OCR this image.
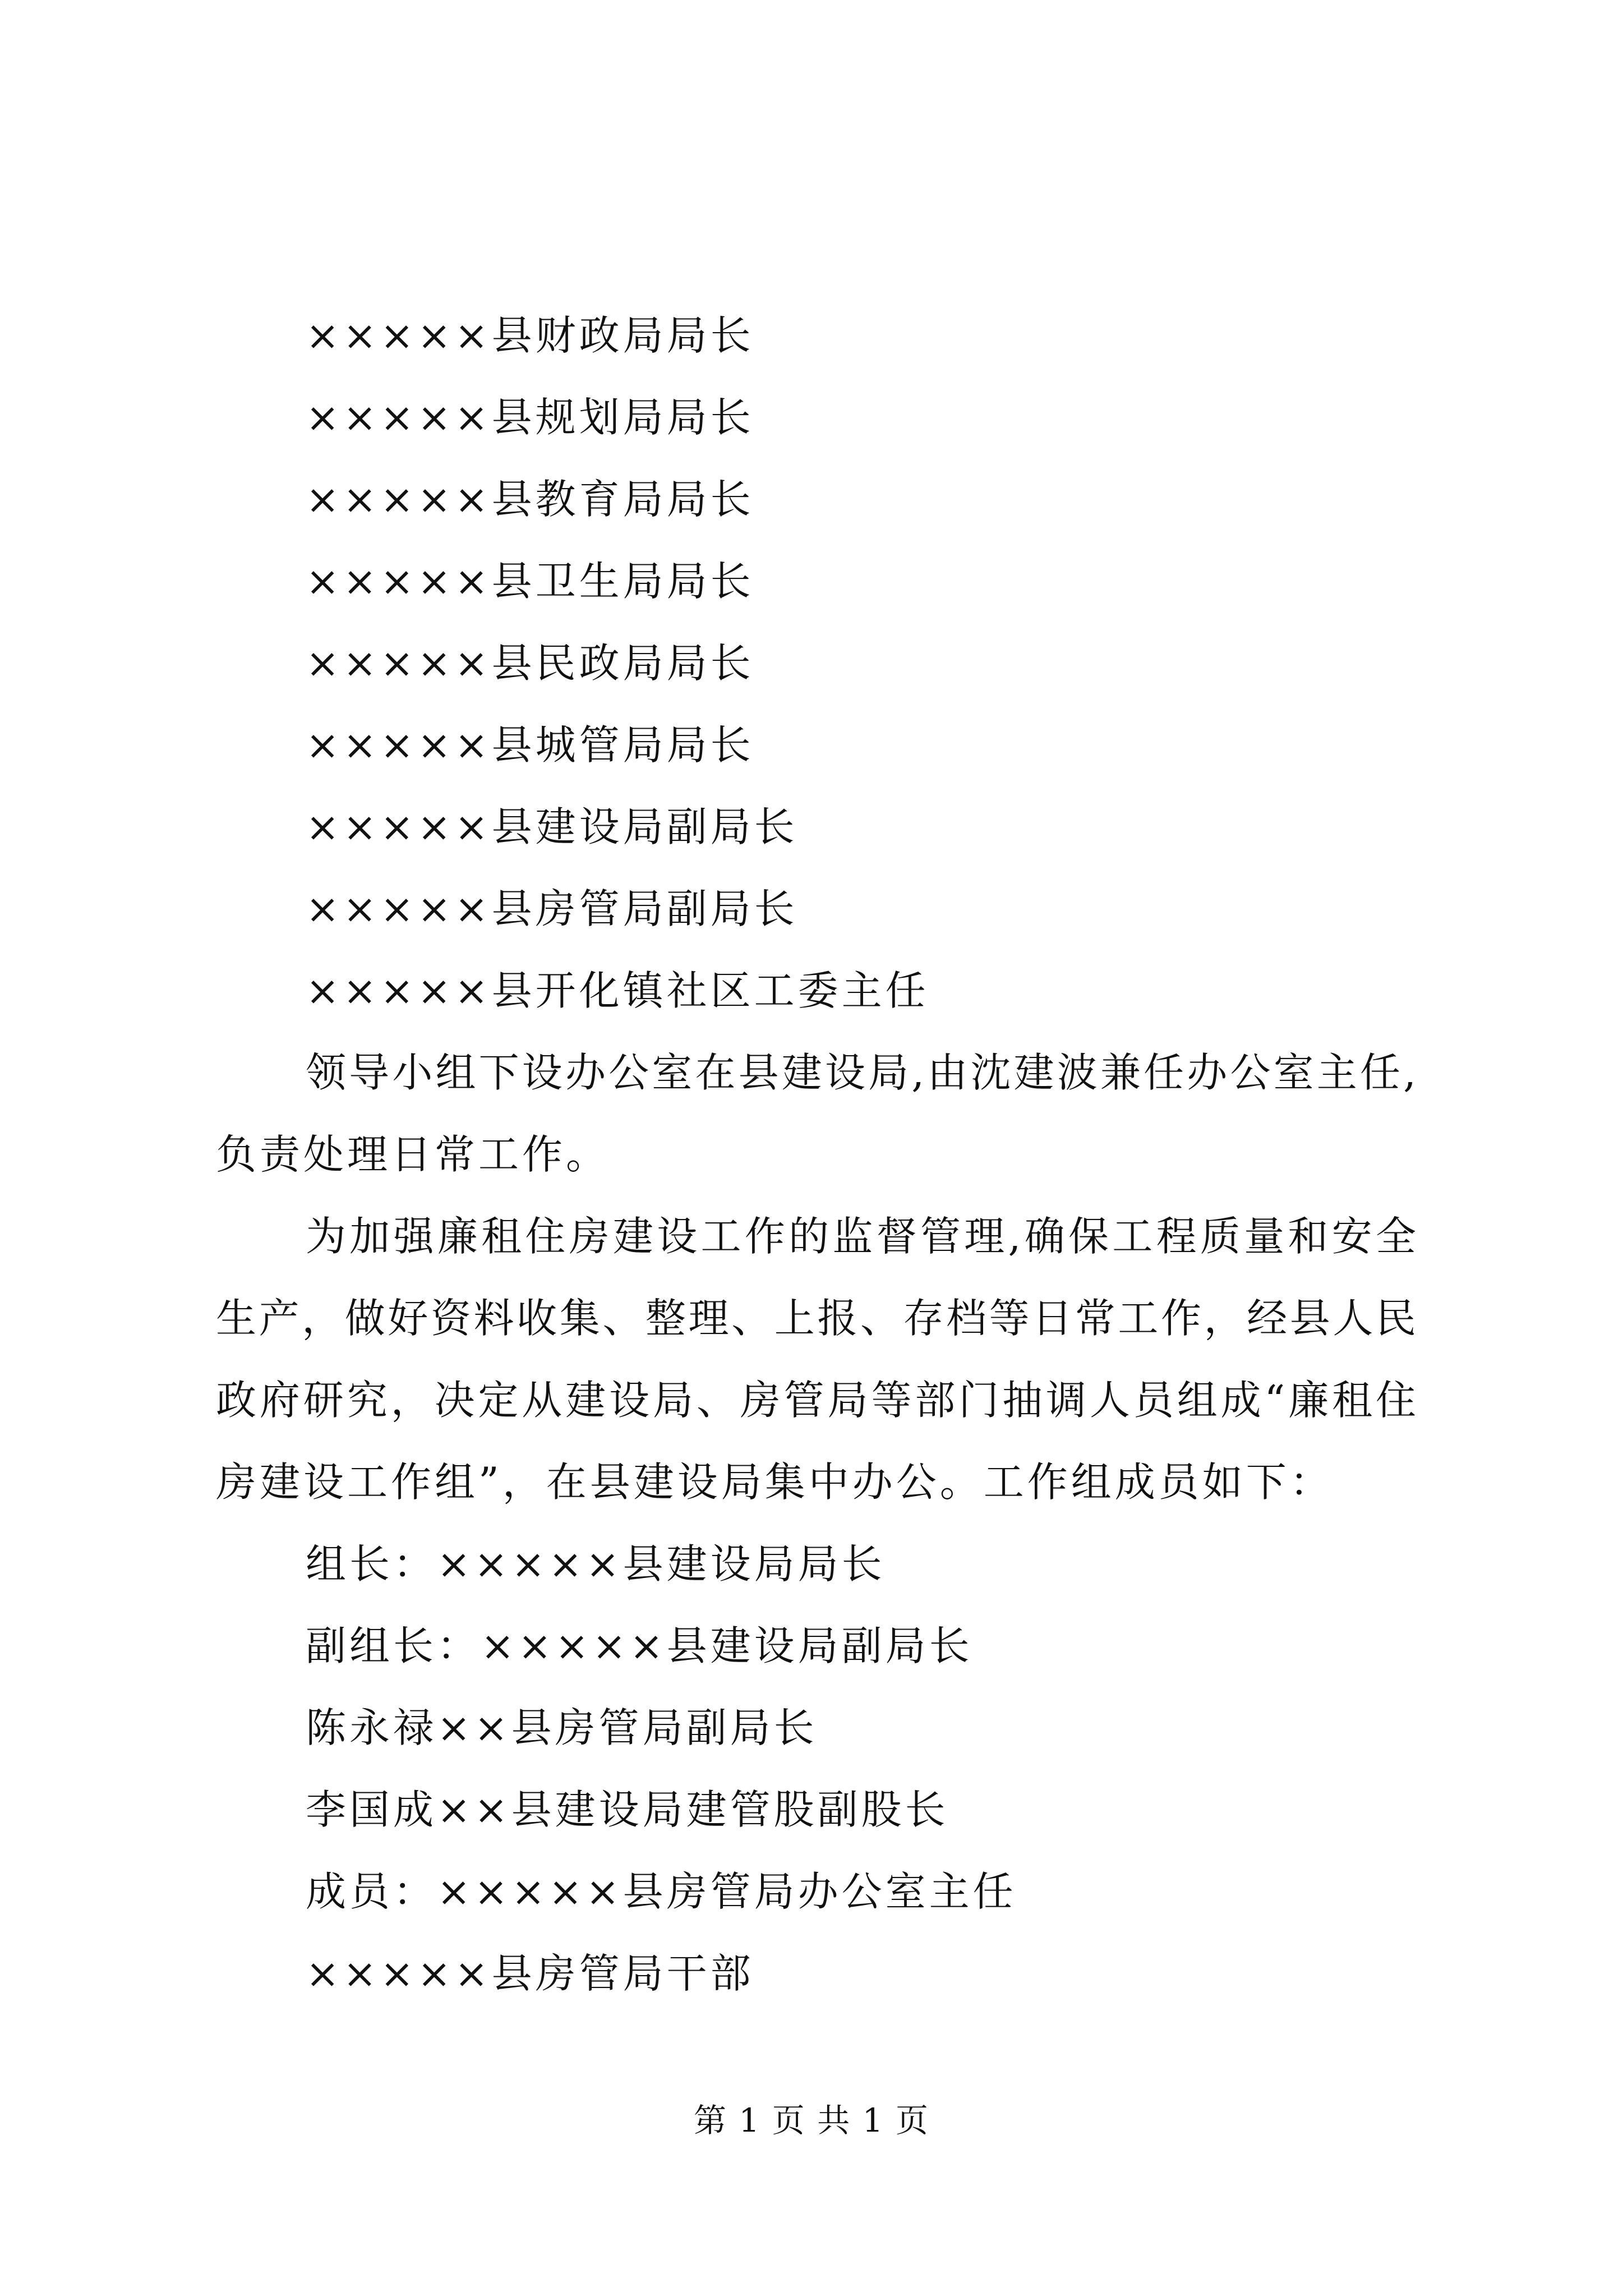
×××××县财政局局长
×××××县规划局局长
×××××县教育局局长
×××××县卫生局局长
×××××县民政局局长
×××××县城管局局长
×××××县建设局副局长
×××××县房管局副局长
×××××县开化镇社区工委主任
领导小组下设办公室在县建设局,由沈建波兼任办公室主任,
负责处理日常工作。
为加强廉租住房建设工作的监督管理,确保工程质量和安全
生产，做好资料收集、整理、上报、存档等日常工作，经县人民
政府研究，决定从建设局、房管局等部门抽调人员组成“廉租住
房建设工作组”，在县建设局集中办公。工作组成员如下：
组长：×××××县建设局局长
副组长：×××××县建设局副局长
陈永禄××县房管局副局长
李国成××县建设局建管股副股长
成员：×××××县房管局办公室主任
×××××县房管局干部
第 1 页 共 1 页
